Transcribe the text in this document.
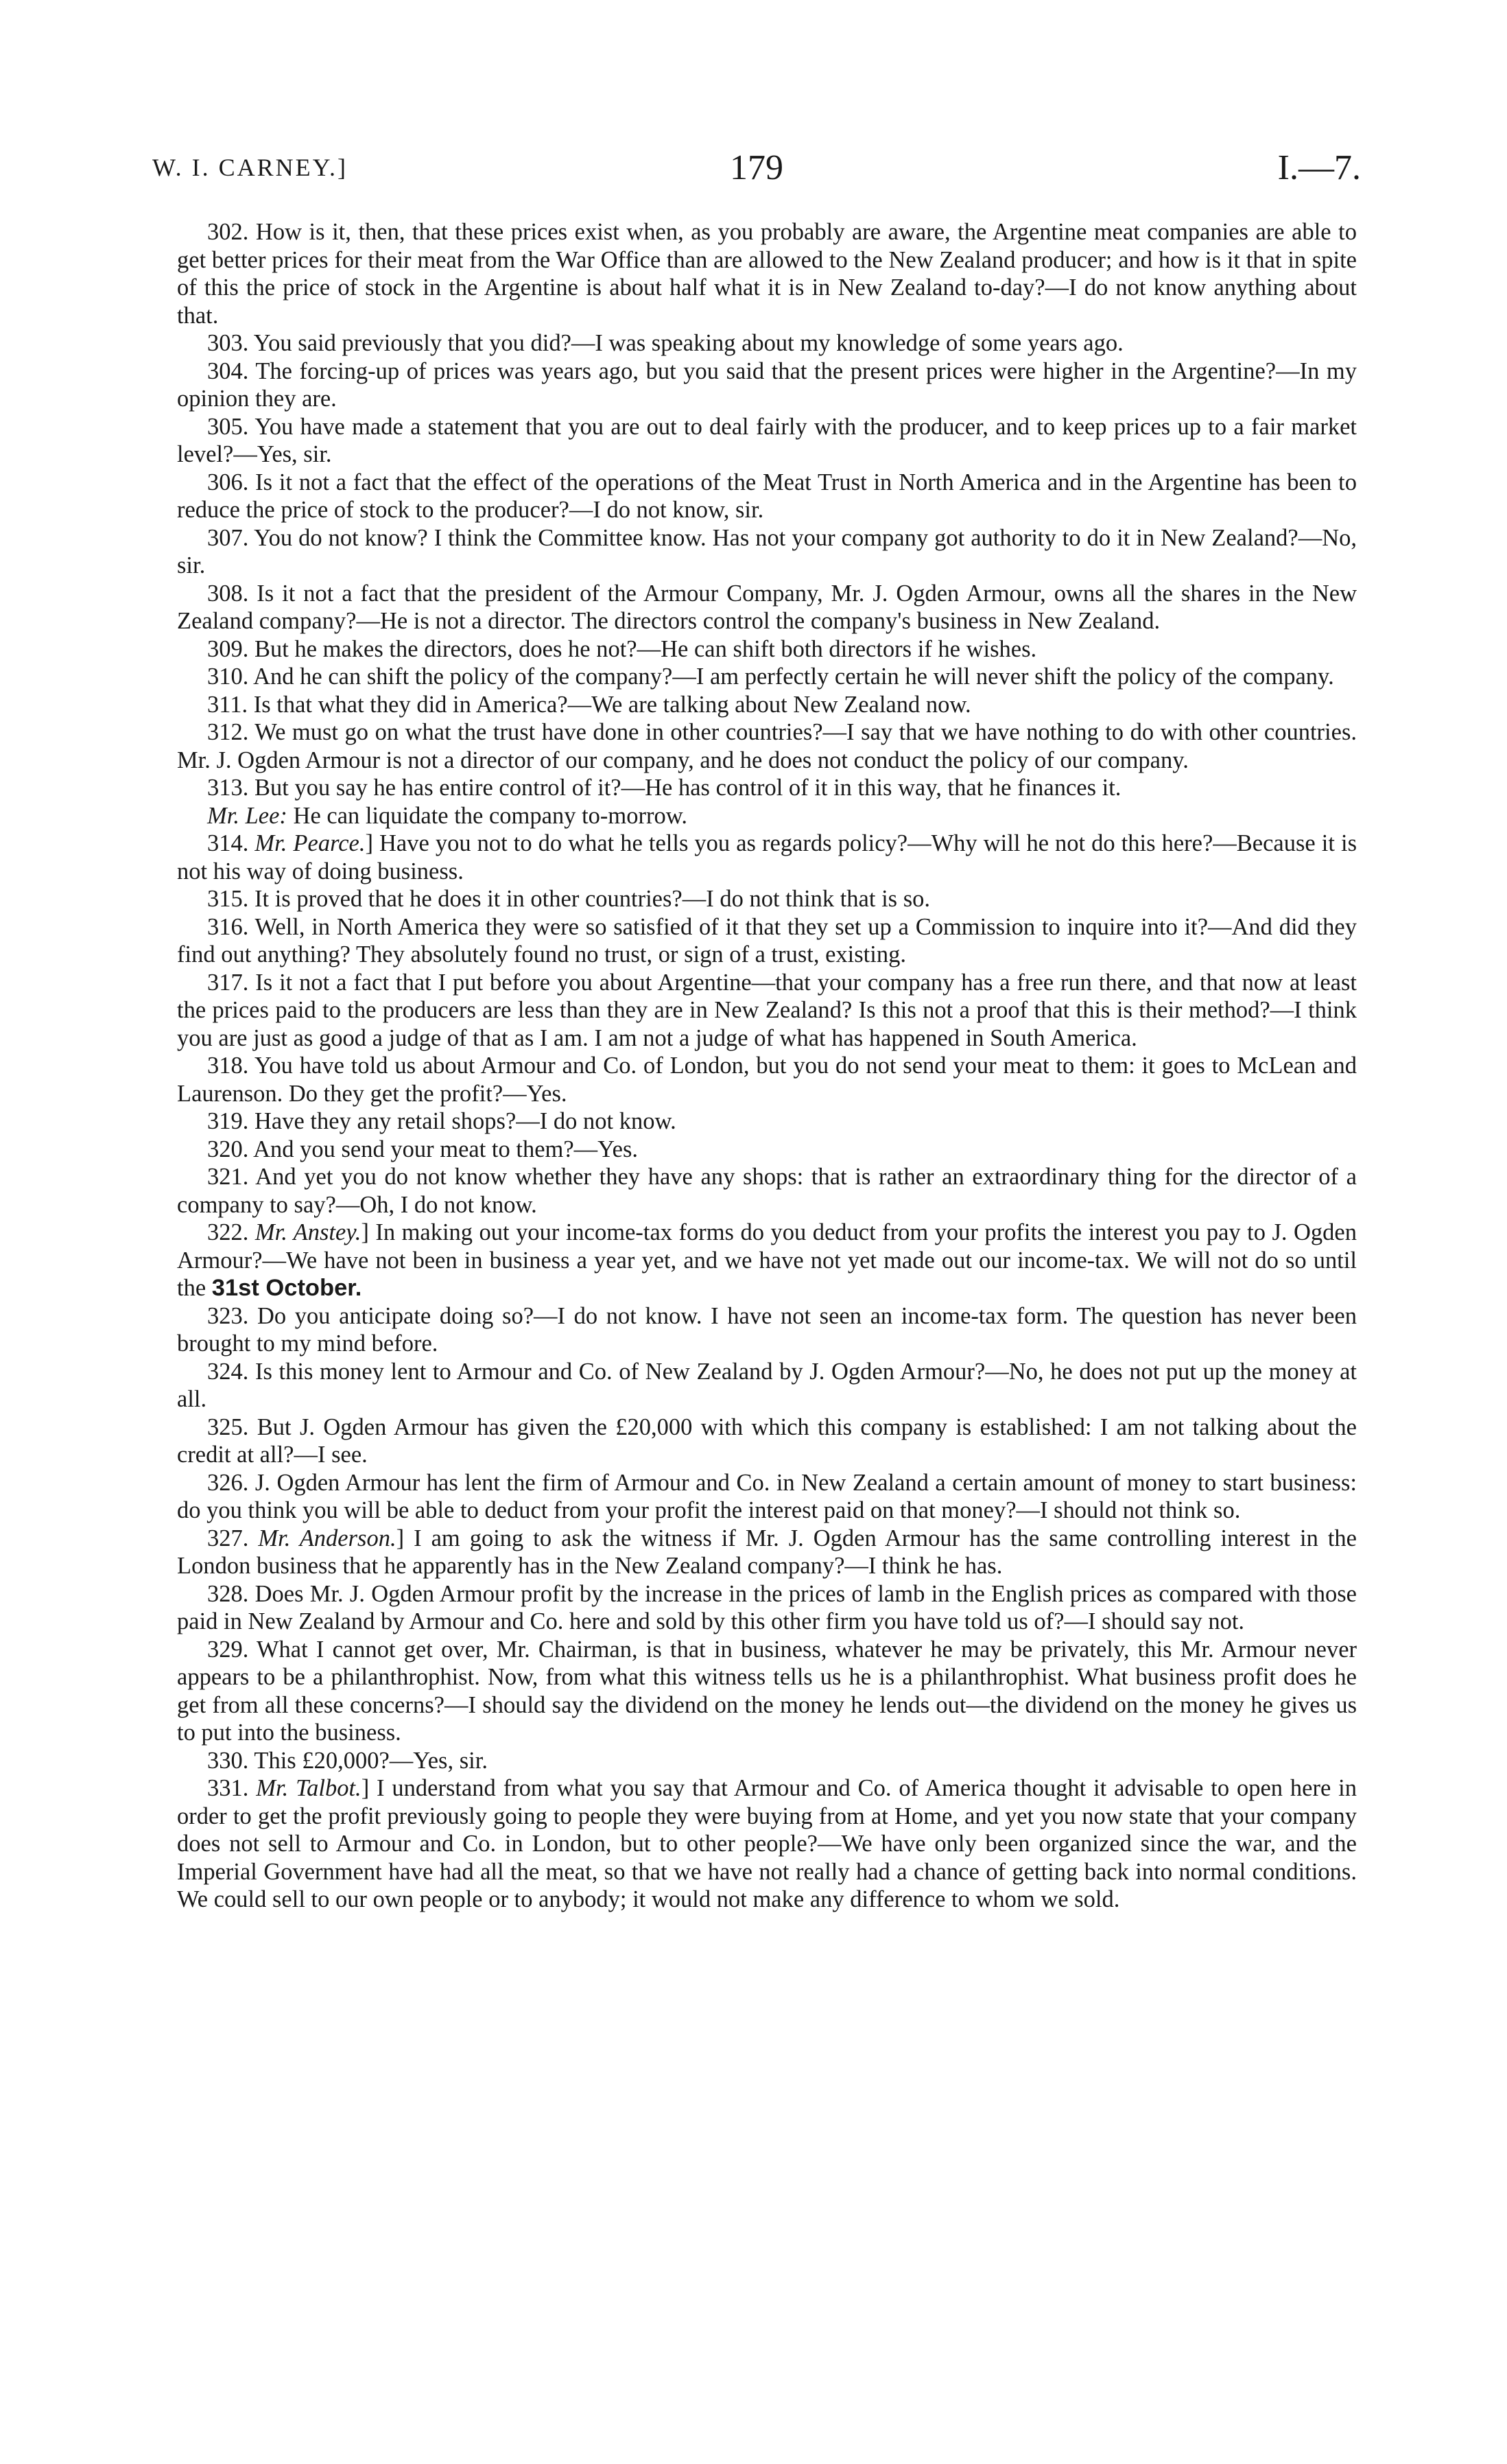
W. I. CARNEY.]	179	I.—7.

302. How is it, then, that these prices exist when, as you probably are aware, the Argentine meat companies are able to get better prices for their meat from the War Office than are allowed to the New Zealand producer; and how is it that in spite of this the price of stock in the Argentine is about half what it is in New Zealand to-day?—I do not know anything about that.

303. You said previously that you did?—I was speaking about my knowledge of some years ago.

304. The forcing-up of prices was years ago, but you said that the present prices were higher in the Argentine?—In my opinion they are.

305. You have made a statement that you are out to deal fairly with the producer, and to keep prices up to a fair market level?—Yes, sir.

306. Is it not a fact that the effect of the operations of the Meat Trust in North America and in the Argentine has been to reduce the price of stock to the producer?—I do not know, sir.

307. You do not know? I think the Committee know. Has not your company got authority to do it in New Zealand?—No, sir.

308. Is it not a fact that the president of the Armour Company, Mr. J. Ogden Armour, owns all the shares in the New Zealand company?—He is not a director. The directors control the company's business in New Zealand.

309. But he makes the directors, does he not?—He can shift both directors if he wishes.

310. And he can shift the policy of the company?—I am perfectly certain he will never shift the policy of the company.

311. Is that what they did in America?—We are talking about New Zealand now.

312. We must go on what the trust have done in other countries?—I say that we have nothing to do with other countries. Mr. J. Ogden Armour is not a director of our company, and he does not conduct the policy of our company.

313. But you say he has entire control of it?—He has control of it in this way, that he finances it.

Mr. Lee: He can liquidate the company to-morrow.

314. Mr. Pearce.] Have you not to do what he tells you as regards policy?—Why will he not do this here?—Because it is not his way of doing business.

315. It is proved that he does it in other countries?—I do not think that is so.

316. Well, in North America they were so satisfied of it that they set up a Commission to inquire into it?—And did they find out anything? They absolutely found no trust, or sign of a trust, existing.

317. Is it not a fact that I put before you about Argentine—that your company has a free run there, and that now at least the prices paid to the producers are less than they are in New Zealand? Is this not a proof that this is their method?—I think you are just as good a judge of that as I am. I am not a judge of what has happened in South America.

318. You have told us about Armour and Co. of London, but you do not send your meat to them: it goes to McLean and Laurenson. Do they get the profit?—Yes.

319. Have they any retail shops?—I do not know.

320. And you send your meat to them?—Yes.

321. And yet you do not know whether they have any shops: that is rather an extraordinary thing for the director of a company to say?—Oh, I do not know.

322. Mr. Anstey.] In making out your income-tax forms do you deduct from your profits the interest you pay to J. Ogden Armour?—We have not been in business a year yet, and we have not yet made out our income-tax. We will not do so until the 31st October.

323. Do you anticipate doing so?—I do not know. I have not seen an income-tax form. The question has never been brought to my mind before.

324. Is this money lent to Armour and Co. of New Zealand by J. Ogden Armour?—No, he does not put up the money at all.

325. But J. Ogden Armour has given the £20,000 with which this company is established: I am not talking about the credit at all?—I see.

326. J. Ogden Armour has lent the firm of Armour and Co. in New Zealand a certain amount of money to start business: do you think you will be able to deduct from your profit the interest paid on that money?—I should not think so.

327. Mr. Anderson.] I am going to ask the witness if Mr. J. Ogden Armour has the same controlling interest in the London business that he apparently has in the New Zealand company?—I think he has.

328. Does Mr. J. Ogden Armour profit by the increase in the prices of lamb in the English prices as compared with those paid in New Zealand by Armour and Co. here and sold by this other firm you have told us of?—I should say not.

329. What I cannot get over, Mr. Chairman, is that in business, whatever he may be privately, this Mr. Armour never appears to be a philanthrophist. Now, from what this witness tells us he is a philanthrophist. What business profit does he get from all these concerns?—I should say the dividend on the money he lends out—the dividend on the money he gives us to put into the business.

330. This £20,000?—Yes, sir.

331. Mr. Talbot.] I understand from what you say that Armour and Co. of America thought it advisable to open here in order to get the profit previously going to people they were buying from at Home, and yet you now state that your company does not sell to Armour and Co. in London, but to other people?—We have only been organized since the war, and the Imperial Government have had all the meat, so that we have not really had a chance of getting back into normal conditions. We could sell to our own people or to anybody; it would not make any difference to whom we sold.
